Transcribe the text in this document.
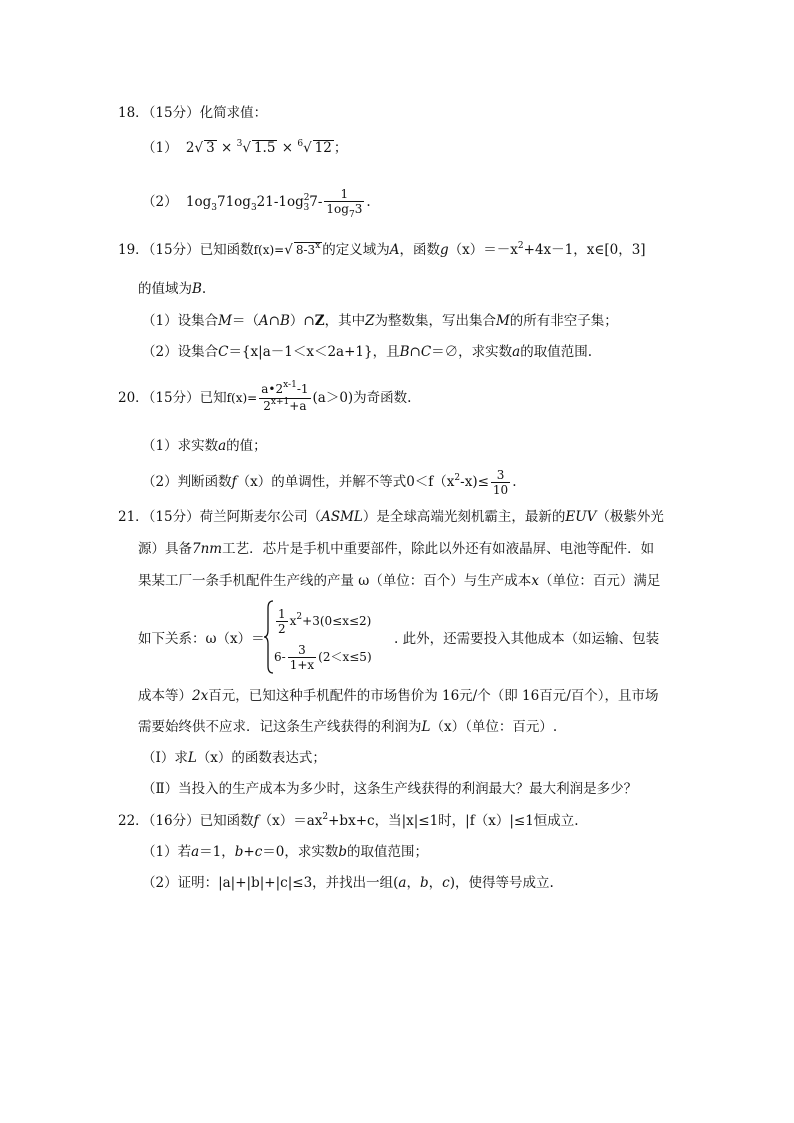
18．（15分）化简求值：
（1） 2√ 3 × $^3$√ 1.5 × $^6$√ 12 ；
（2） $1og_371og_321-1og^2_37- \frac{1}{1og_73}$ .
19．（15分）已知函数f(x)=√ 8-3$^x$ 的定义域为A，函数$g(x)=-x^2+4x-1$，x∈[0，3]
的值域为B.
（1）设集合M＝（A∩B）∩Z，其中Z为整数集，写出集合M的所有非空子集；
（2）设集合C＝{x|a－1＜x＜2a+1}，且B∩C＝∅，求实数a的取值范围.
20．（15分）已知$f(x)= \frac{a•2^{x-1}-1}{2^{x+1}+a} (a>0)$为奇函数.
（1）求实数a的值；
（2）判断函数f（x）的单调性，并解不等式$0<f(x^2-x)\le \frac{3}{10}$ .
21．（15分）荷兰阿斯麦尔公司（ASML）是全球高端光刻机霸主，最新的EUV（极紫外光
源）具备7nm工艺．芯片是手机中重要部件，除此以外还有如液晶屏、电池等配件．如
果某工厂一条手机配件生产线的产量 ω（单位：百个）与生产成本x（单位：百元）满足
如下关系：ω（x）＝
$\frac{1}{2} x^2+3(0\le x\le 2)$
$6- \frac{3}{1+x} (2<x\le 5)$
. 此外，还需要投入其他成本（如运输、包装
成本等）2x百元，已知这种手机配件的市场售价为 16元/个（即 16百元/百个），且市场
需要始终供不应求．记这条生产线获得的利润为L（x）（单位：百元）.
（Ⅰ）求L（x）的函数表达式；
（Ⅱ）当投入的生产成本为多少时，这条生产线获得的利润最大？最大利润是多少？
22．（16分）已知函数$f(x)=ax^2+bx+c$，当|x|≤1时，|f（x）|≤1恒成立.
（1）若a＝1，b+c＝0，求实数b的取值范围；
（2）证明：|a|+|b|+|c|≤3，并找出一组(a，b，c)，使得等号成立.
